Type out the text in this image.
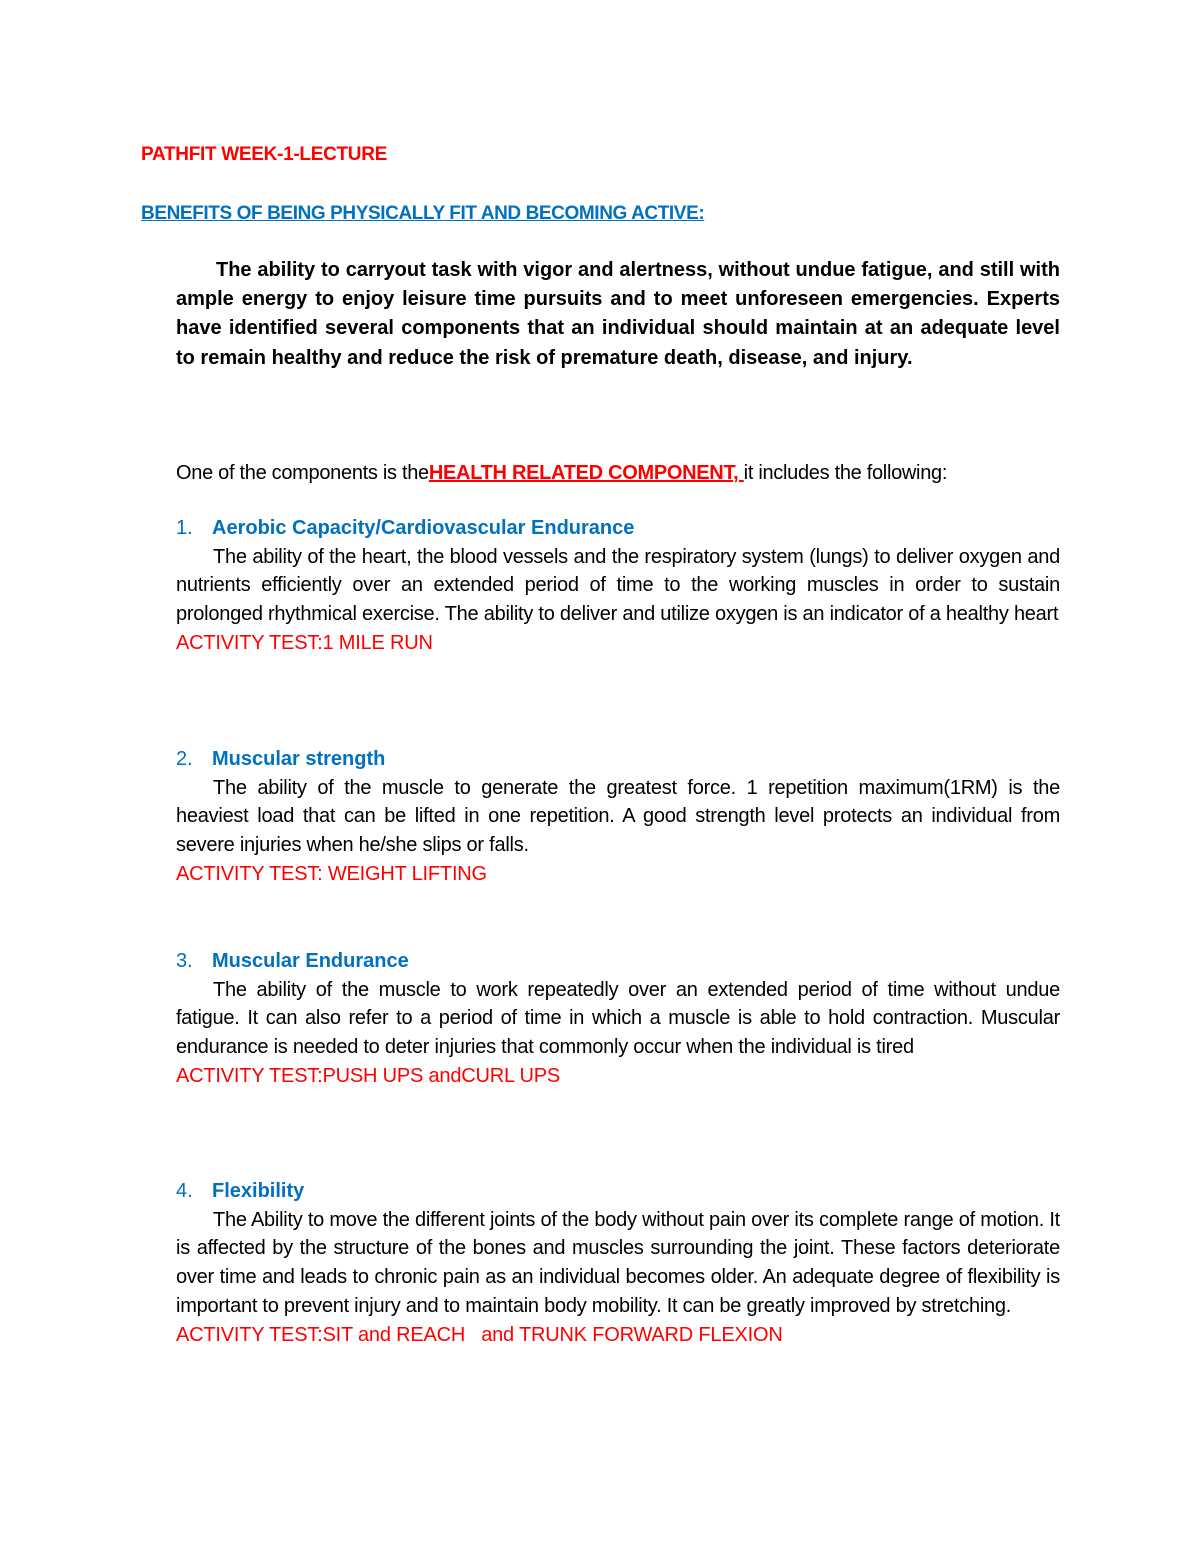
PATHFIT WEEK-1-LECTURE
BENEFITS OF BEING PHYSICALLY FIT AND BECOMING ACTIVE:

The ability to carryout task with vigor and alertness, without undue fatigue, and still with ample energy to enjoy leisure time pursuits and to meet unforeseen emergencies. Experts have identified several components that an individual should maintain at an adequate level to remain healthy and reduce the risk of premature death, disease, and injury.

One of the components is theHEALTH RELATED COMPONENT, it includes the following:

1. Aerobic Capacity/Cardiovascular Endurance
The ability of the heart, the blood vessels and the respiratory system (lungs) to deliver oxygen and nutrients efficiently over an extended period of time to the working muscles in order to sustain prolonged rhythmical exercise. The ability to deliver and utilize oxygen is an indicator of a healthy heart

ACTIVITY TEST:1 MILE RUN

2. Muscular strength
The ability of the muscle to generate the greatest force. 1 repetition maximum(1RM) is the heaviest load that can be lifted in one repetition. A good strength level protects an individual from severe injuries when he/she slips or falls.

ACTIVITY TEST: WEIGHT LIFTING

3. Muscular Endurance
The ability of the muscle to work repeatedly over an extended period of time without undue fatigue. It can also refer to a period of time in which a muscle is able to hold contraction. Muscular endurance is needed to deter injuries that commonly occur when the individual is tired

ACTIVITY TEST:PUSH UPS andCURL UPS

4. Flexibility
The Ability to move the different joints of the body without pain over its complete range of motion. It is affected by the structure of the bones and muscles surrounding the joint. These factors deteriorate over time and leads to chronic pain as an individual becomes older. An adequate degree of flexibility is important to prevent injury and to maintain body mobility. It can be greatly improved by stretching.

ACTIVITY TEST:SIT and REACH   and TRUNK FORWARD FLEXION
